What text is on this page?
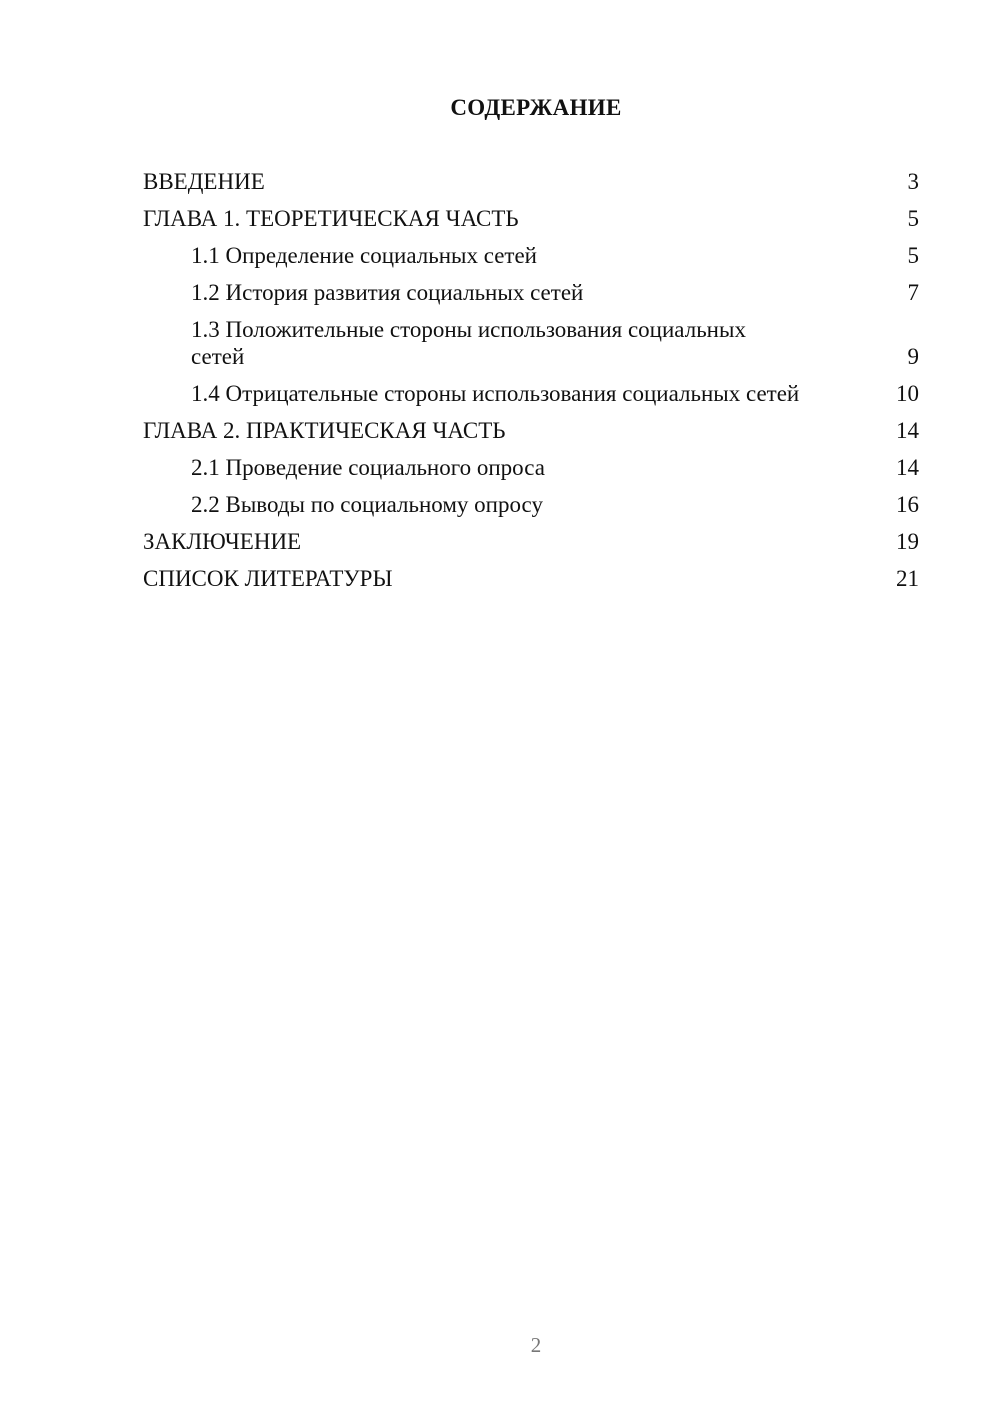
СОДЕРЖАНИЕ
ВВЕДЕНИЕ	3
ГЛАВА 1. ТЕОРЕТИЧЕСКАЯ ЧАСТЬ	5
1.1 Определение социальных сетей	5
1.2 История развития социальных сетей	7
1.3 Положительные стороны использования социальных сетей	9
1.4 Отрицательные стороны использования социальных сетей	10
ГЛАВА 2. ПРАКТИЧЕСКАЯ ЧАСТЬ	14
2.1 Проведение социального опроса	14
2.2 Выводы по социальному опросу	16
ЗАКЛЮЧЕНИЕ	19
СПИСОК ЛИТЕРАТУРЫ	21
2
